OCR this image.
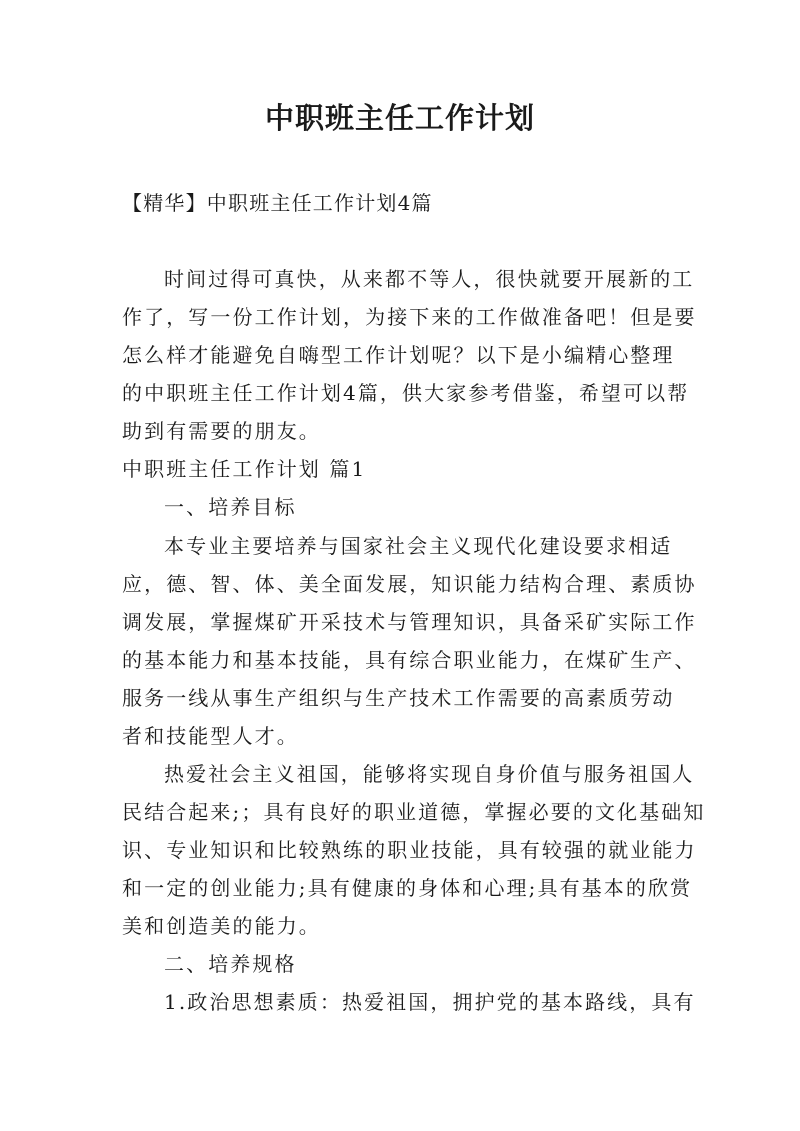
中职班主任工作计划

【精华】中职班主任工作计划4篇

时间过得可真快，从来都不等人，很快就要开展新的工

作了，写一份工作计划，为接下来的工作做准备吧！但是要

怎么样才能避免自嗨型工作计划呢？以下是小编精心整理

的中职班主任工作计划4篇，供大家参考借鉴，希望可以帮

助到有需要的朋友。

中职班主任工作计划 篇1

一、培养目标

本专业主要培养与国家社会主义现代化建设要求相适

应，德、智、体、美全面发展，知识能力结构合理、素质协

调发展，掌握煤矿开采技术与管理知识，具备采矿实际工作

的基本能力和基本技能，具有综合职业能力，在煤矿生产、

服务一线从事生产组织与生产技术工作需要的高素质劳动

者和技能型人才。

热爱社会主义祖国，能够将实现自身价值与服务祖国人

民结合起来;；具有良好的职业道德，掌握必要的文化基础知

识、专业知识和比较熟练的职业技能，具有较强的就业能力

和一定的创业能力;具有健康的身体和心理;具有基本的欣赏

美和创造美的能力。

二、培养规格

1.政治思想素质：热爱祖国，拥护党的基本路线，具有
